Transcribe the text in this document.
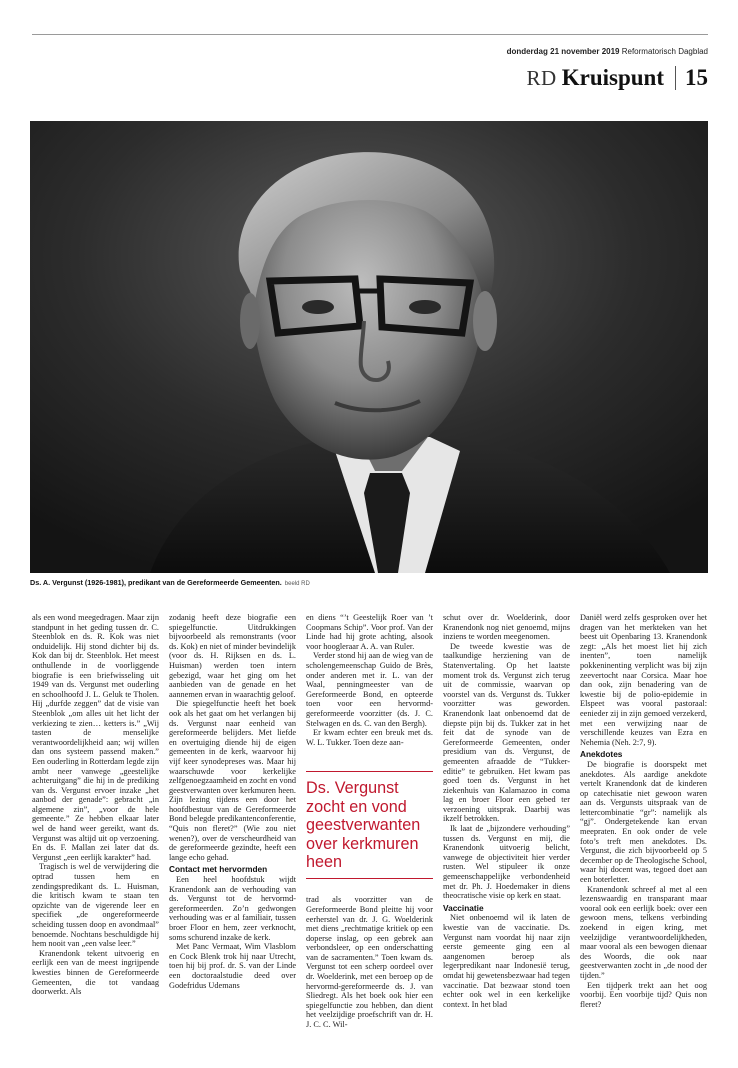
donderdag 21 november 2019 Reformatorisch Dagblad
RD Kruispunt 15
Ds. A. Vergunst (1926-1981), predikant van de Gereformeerde Gemeenten. beeld RD

als een wond meegedragen. Maar zijn standpunt in het geding tussen dr. C. Steenblok en ds. R. Kok was niet onduidelijk. Hij stond dichter bij ds. Kok dan bij dr. Steenblok. Het meest onthullende in de voorliggende biografie is een briefwisseling uit 1949 van ds. Vergunst met ouderling en schoolhoofd J. L. Geluk te Tholen. Hij „durfde zeggen” dat de visie van Steenblok „om alles uit het licht der verkiezing te zien… ketters is.” „Wij tasten de menselijke verantwoordelijkheid aan; wij willen dan ons systeem passend maken.” Een ouderling in Rotterdam legde zijn ambt neer vanwege „geestelijke achteruitgang” die hij in de prediking van ds. Vergunst ervoer inzake „het aanbod der genade”: gebracht „in algemene zin”, „voor de hele gemeente.” Ze hebben elkaar later wel de hand weer gereikt, want ds. Vergunst was altijd uit op verzoening. En ds. F. Mallan zei later dat ds. Vergunst „een eerlijk karakter” had.

Tragisch is wel de verwijdering die optrad tussen hem en zendingspredikant ds. L. Huisman, die kritisch kwam te staan ten opzichte van de vigerende leer en specifiek „de ongereformeerde scheiding tussen doop en avondmaal” benoemde. Nochtans beschuldigde hij hem nooit van „een valse leer.”

Kranendonk tekent uitvoerig en eerlijk een van de meest ingrijpende kwesties binnen de Gereformeerde Gemeenten, die tot vandaag doorwerkt. Als

zodanig heeft deze biografie een spiegelfunctie. Uitdrukkingen bijvoorbeeld als remonstrants (voor ds. Kok) en niet of minder bevindelijk (voor ds. H. Rijksen en ds. L. Huisman) werden toen intern gebezigd, waar het ging om het aanbieden van de genade en het aannemen ervan in waarachtig geloof.

Die spiegelfunctie heeft het boek ook als het gaat om het verlangen bij ds. Vergunst naar eenheid van gereformeerde belijders. Met liefde en overtuiging diende hij de eigen gemeenten in de kerk, waarvoor hij vijf keer synodepreses was. Maar hij waarschuwde voor kerkelijke zelfgenoegzaamheid en zocht en vond geestverwanten over kerkmuren heen. Zijn lezing tijdens een door het hoofdbestuur van de Gereformeerde Bond belegde predikantenconferentie, “Quis non fleret?” (Wie zou niet wenen?), over de verscheurdheid van de gereformeerde gezindte, heeft een lange echo gehad.

Contact met hervormden

Een heel hoofdstuk wijdt Kranendonk aan de verhouding van ds. Vergunst tot de hervormd-gereformeerden. Zo’n gedwongen verhouding was er al familiair, tussen broer Floor en hem, zeer verknocht, soms schurend inzake de kerk.

Met Panc Vermaat, Wim Vlasblom en Cock Blenk trok hij naar Utrecht, toen hij bij prof. dr. S. van der Linde een doctoraalstudie deed over Godefridus Udemans

en diens “’t Geestelijk Roer van ’t Coopmans Schip”. Voor prof. Van der Linde had hij grote achting, alsook voor hoogleraar A. A. van Ruler.

Verder stond hij aan de wieg van de scholengemeenschap Guido de Brès, onder anderen met ir. L. van der Waal, penningmeester van de Gereformeerde Bond, en opteerde toen voor een hervormd-gereformeerde voorzitter (ds. J. C. Stelwagen en ds. C. van den Bergh).

Er kwam echter een breuk met ds. W. L. Tukker. Toen deze aan-

trad als voorzitter van de Gereformeerde Bond pleitte hij voor eerherstel van dr. J. G. Woelderink met diens „rechtmatige kritiek op een doperse inslag, op een gebrek aan verbondsleer, op een onderschatting van de sacramenten.” Toen kwam ds. Vergunst tot een scherp oordeel over dr. Woelderink, met een beroep op de hervormd-gereformeerde ds. J. van Sliedregt. Als het boek ook hier een spiegelfunctie zou hebben, dan dient het veelzijdige proefschrift van dr. H. J. C. C. Wil-

schut over dr. Woelderink, door Kranendonk nog niet genoemd, mijns inziens te worden meegenomen.

De tweede kwestie was de taalkundige herziening van de Statenvertaling. Op het laatste moment trok ds. Vergunst zich terug uit de commissie, waarvan op voorstel van ds. Vergunst ds. Tukker voorzitter was geworden. Kranendonk laat onbenoemd dat de diepste pijn bij ds. Tukker zat in het feit dat de synode van de Gereformeerde Gemeenten, onder presidium van ds. Vergunst, de gemeenten afraadde de “Tukker-editie” te gebruiken. Het kwam pas goed toen ds. Vergunst in het ziekenhuis van Kalamazoo in coma lag en broer Floor een gebed ter verzoening uitsprak. Daarbij was ikzelf betrokken.

Ik laat de „bijzondere verhouding” tussen ds. Vergunst en mij, die Kranendonk uitvoerig belicht, vanwege de objectiviteit hier verder rusten. Wel stipuleer ik onze gemeenschappelijke verbondenheid met dr. Ph. J. Hoedemaker in diens theocratische visie op kerk en staat.

Vaccinatie

Niet onbenoemd wil ik laten de kwestie van de vaccinatie. Ds. Vergunst nam voordat hij naar zijn eerste gemeente ging een al aangenomen beroep als legerpredikant naar Indonesië terug, omdat hij gewetensbezwaar had tegen vaccinatie. Dat bezwaar stond toen echter ook wel in een kerkelijke context. In het blad

Daniël werd zelfs gesproken over het dragen van het merkteken van het beest uit Openbaring 13. Kranendonk zegt: „Als het moest liet hij zich inenten”, toen namelijk pokkeninenting verplicht was bij zijn zeevertocht naar Corsica. Maar hoe dan ook, zijn benadering van de kwestie bij de polio-epidemie in Elspeet was vooral pastoraal: eenieder zij in zijn gemoed verzekerd, met een verwijzing naar de verschillende keuzes van Ezra en Nehemia (Neh. 2:7, 9).

Anekdotes

De biografie is doorspekt met anekdotes. Als aardige anekdote vertelt Kranendonk dat de kinderen op catechisatie niet gewoon waren aan ds. Vergunsts uitspraak van de lettercombinatie “gr”: namelijk als “gj”. Ondergetekende kan ervan meepraten. En ook onder de vele foto’s treft men anekdotes. Ds. Vergunst, die zich bijvoorbeeld op 5 december op de Theologische School, waar hij docent was, tegoed doet aan een boterletter.

Kranendonk schreef al met al een lezenswaardig en transparant maar vooral ook een eerlijk boek: over een gewoon mens, telkens verbinding zoekend in eigen kring, met veelzijdige verantwoordelijkheden, maar vooral als een bewogen dienaar des Woords, die ook naar geestverwanten zocht in „de nood der tijden.”

Een tijdperk trekt aan het oog voorbij. Een voorbije tijd? Quis non fleret?

Ds. Vergunst zocht en vond geestverwanten over kerkmuren heen
